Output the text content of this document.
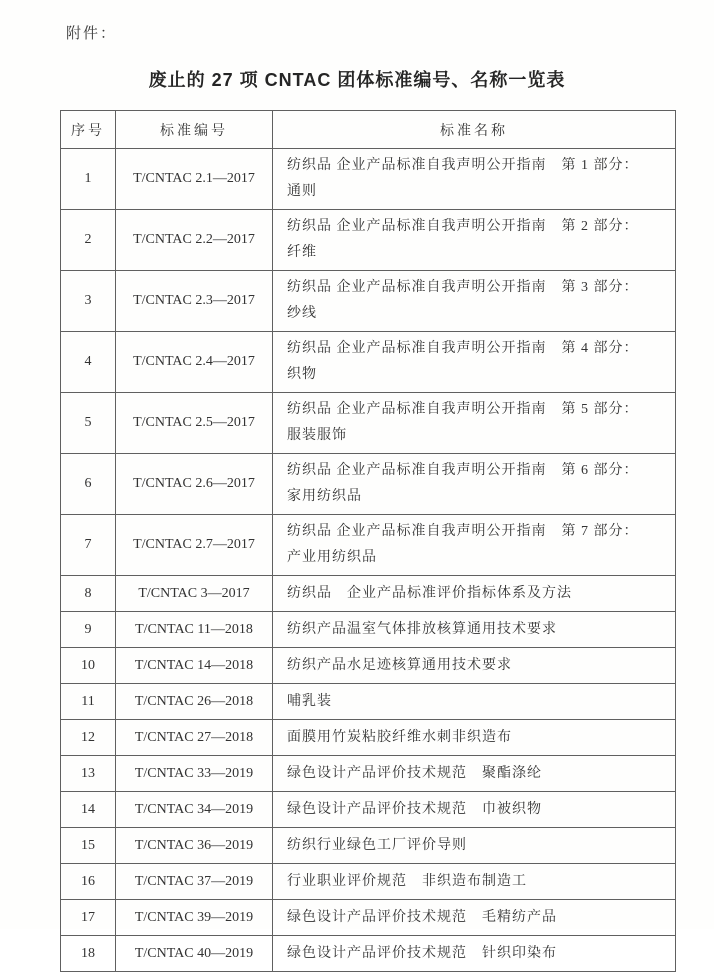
附件：
废止的 27 项 CNTAC 团体标准编号、名称一览表
序号	标准编号	标准名称
1	T/CNTAC 2.1—2017	纺织品 企业产品标准自我声明公开指南　第 1 部分：通则
2	T/CNTAC 2.2—2017	纺织品 企业产品标准自我声明公开指南　第 2 部分：纤维
3	T/CNTAC 2.3—2017	纺织品 企业产品标准自我声明公开指南　第 3 部分：纱线
4	T/CNTAC 2.4—2017	纺织品 企业产品标准自我声明公开指南　第 4 部分：织物
5	T/CNTAC 2.5—2017	纺织品 企业产品标准自我声明公开指南　第 5 部分：服装服饰
6	T/CNTAC 2.6—2017	纺织品 企业产品标准自我声明公开指南　第 6 部分：家用纺织品
7	T/CNTAC 2.7—2017	纺织品 企业产品标准自我声明公开指南　第 7 部分：产业用纺织品
8	T/CNTAC 3—2017	纺织品　企业产品标准评价指标体系及方法
9	T/CNTAC 11—2018	纺织产品温室气体排放核算通用技术要求
10	T/CNTAC 14—2018	纺织产品水足迹核算通用技术要求
11	T/CNTAC 26—2018	哺乳装
12	T/CNTAC 27—2018	面膜用竹炭粘胶纤维水刺非织造布
13	T/CNTAC 33—2019	绿色设计产品评价技术规范　聚酯涤纶
14	T/CNTAC 34—2019	绿色设计产品评价技术规范　巾被织物
15	T/CNTAC 36—2019	纺织行业绿色工厂评价导则
16	T/CNTAC 37—2019	行业职业评价规范　非织造布制造工
17	T/CNTAC 39—2019	绿色设计产品评价技术规范　毛精纺产品
18	T/CNTAC 40—2019	绿色设计产品评价技术规范　针织印染布
